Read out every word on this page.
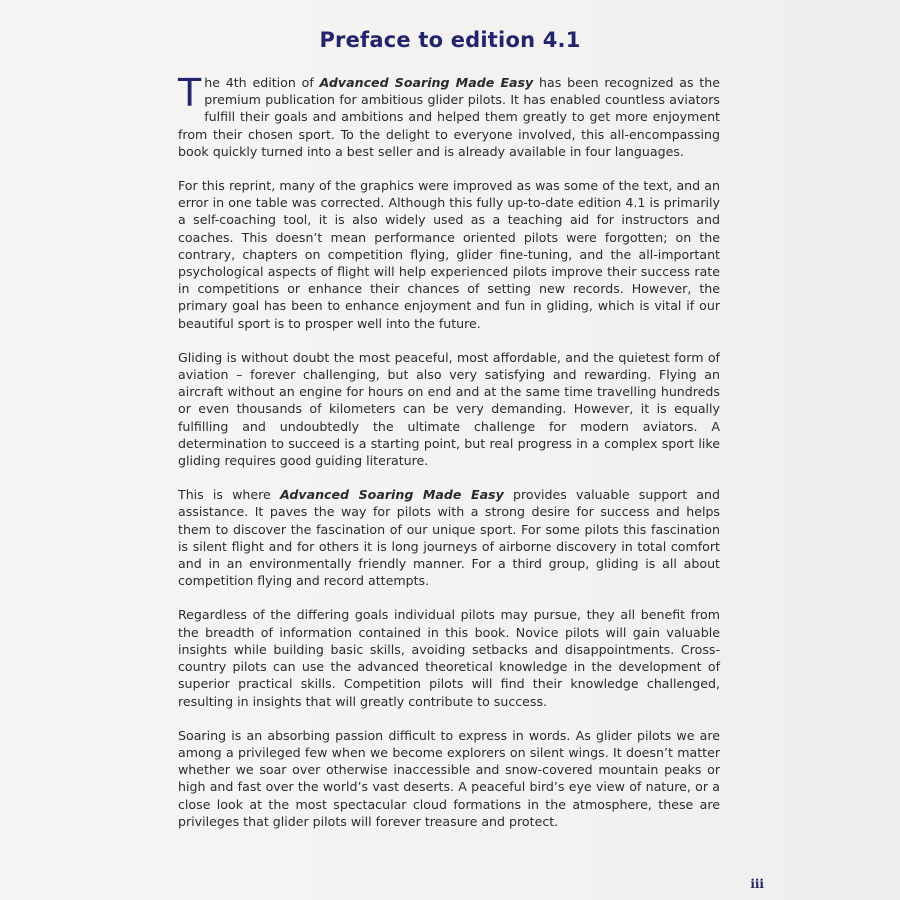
Preface to edition 4.1

The 4th edition of Advanced Soaring Made Easy has been recognized as the premium publication for ambitious glider pilots. It has enabled countless aviators fulfill their goals and ambitions and helped them greatly to get more enjoyment from their chosen sport. To the delight to everyone involved, this all-encompassing book quickly turned into a best seller and is already available in four languages.

For this reprint, many of the graphics were improved as was some of the text, and an error in one table was corrected. Although this fully up-to-date edition 4.1 is primarily a self-coaching tool, it is also widely used as a teaching aid for instructors and coaches. This doesn’t mean performance oriented pilots were forgotten; on the contrary, chapters on competition flying, glider fine-tuning, and the all-important psychological aspects of flight will help experienced pilots improve their success rate in competitions or enhance their chances of setting new records. However, the primary goal has been to enhance enjoyment and fun in gliding, which is vital if our beautiful sport is to prosper well into the future.

Gliding is without doubt the most peaceful, most affordable, and the quietest form of aviation – forever challenging, but also very satisfying and rewarding. Flying an aircraft without an engine for hours on end and at the same time travelling hundreds or even thousands of kilometers can be very demanding. However, it is equally fulfilling and undoubtedly the ultimate challenge for modern aviators. A determination to succeed is a starting point, but real progress in a complex sport like gliding requires good guiding literature.

This is where Advanced Soaring Made Easy provides valuable support and assistance. It paves the way for pilots with a strong desire for success and helps them to discover the fascination of our unique sport. For some pilots this fascination is silent flight and for others it is long journeys of airborne discovery in total comfort and in an environmentally friendly manner. For a third group, gliding is all about competition flying and record attempts.

Regardless of the differing goals individual pilots may pursue, they all benefit from the breadth of information contained in this book. Novice pilots will gain valuable insights while building basic skills, avoiding setbacks and disappointments. Cross-country pilots can use the advanced theoretical knowledge in the development of superior practical skills. Competition pilots will find their knowledge challenged, resulting in insights that will greatly contribute to success.

Soaring is an absorbing passion difficult to express in words. As glider pilots we are among a privileged few when we become explorers on silent wings. It doesn’t matter whether we soar over otherwise inaccessible and snow-covered mountain peaks or high and fast over the world’s vast deserts. A peaceful bird’s eye view of nature, or a close look at the most spectacular cloud formations in the atmosphere, these are privileges that glider pilots will forever treasure and protect.

iii
